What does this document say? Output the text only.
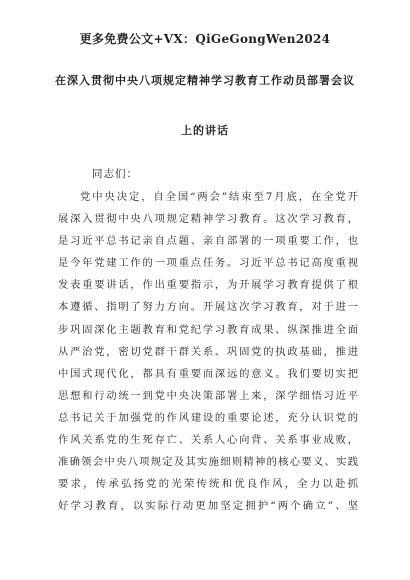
更多免费公文+VX：QiGeGongWen2024
在深入贯彻中央八项规定精神学习教育工作动员部署会议
上的讲话
同志们：
党中央决定，自全国“两会”结束至7月底，在全党开
展深入贯彻中央八项规定精神学习教育。这次学习教育，
是习近平总书记亲自点题、亲自部署的一项重要工作，也
是今年党建工作的一项重点任务。习近平总书记高度重视
发表重要讲话，作出重要指示，为开展学习教育提供了根
本遵循、指明了努力方向。开展这次学习教育，对于进一
步巩固深化主题教育和党纪学习教育成果、纵深推进全面
从严治党，密切党群干群关系、巩固党的执政基础，推进
中国式现代化，都具有重要而深远的意义。我们要切实把
思想和行动统一到党中央决策部署上来，深学细悟习近平
总书记关于加强党的作风建设的重要论述，充分认识党的
作风关系党的生死存亡、关系人心向背、关系事业成败，
准确领会中央八项规定及其实施细则精神的核心要义、实践
要求，传承弘扬党的光荣传统和优良作风，全力以赴抓
好学习教育，以实际行动更加坚定拥护“两个确立”、坚
